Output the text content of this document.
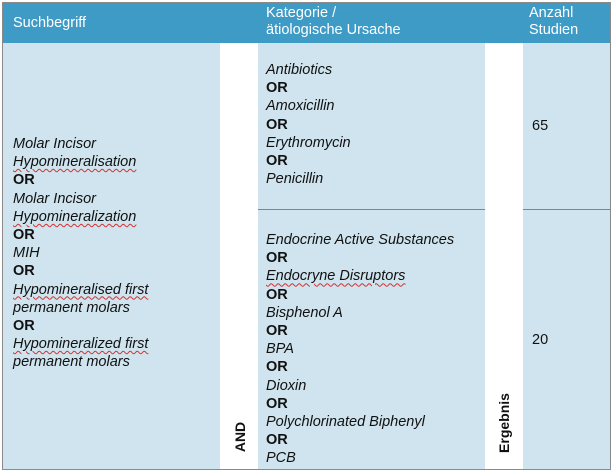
Suchbegriff
Kategorie /
ätiologische Ursache
Anzahl
Studien
Molar Incisor
Hypomineralisation
OR
Molar Incisor
Hypomineralization
OR
MIH
OR
Hypomineralised first
permanent molars
OR
Hypomineralized first
permanent molars
AND
Antibiotics
OR
Amoxicillin
OR
Erythromycin
OR
Penicillin
Endocrine Active Substances
OR
Endocryne Disruptors
OR
Bisphenol A
OR
BPA
OR
Dioxin
OR
Polychlorinated Biphenyl
OR
PCB
Ergebnis
65
20
